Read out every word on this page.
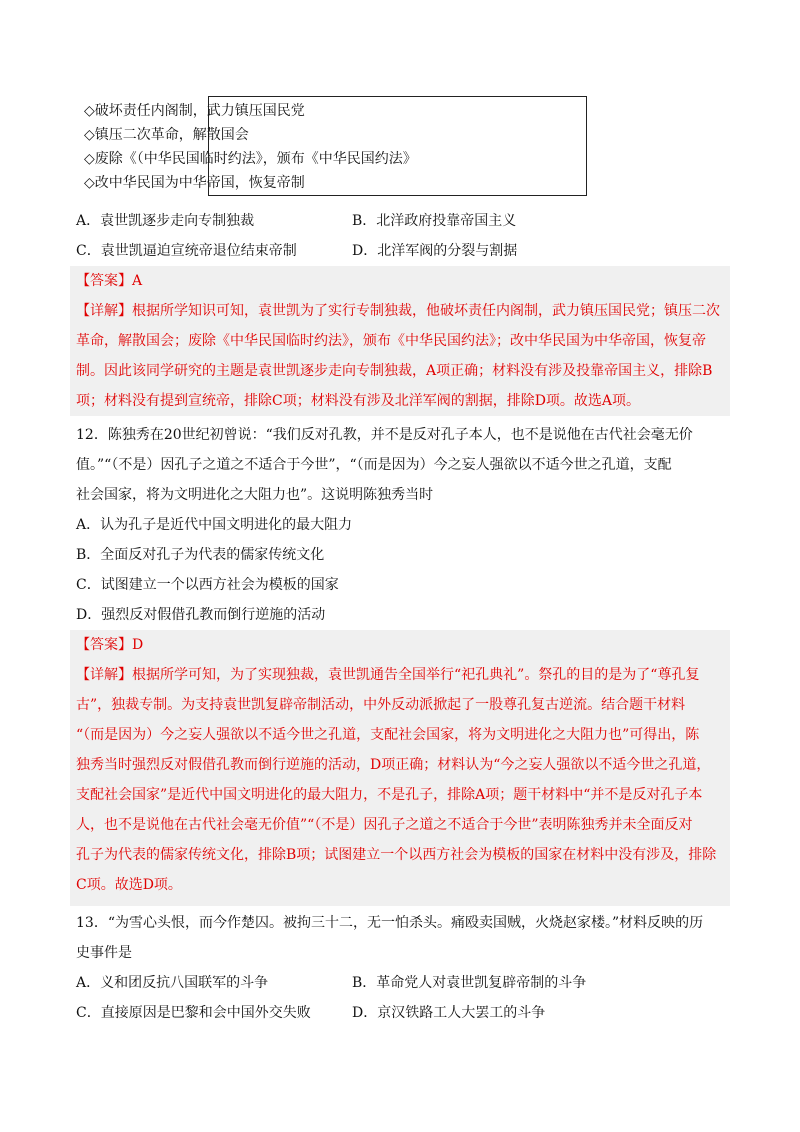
◇破坏责任内阁制，武力镇压国民党
◇镇压二次革命，解散国会
◇废除《（中华民国临时约法》，颁布《中华民国约法》
◇改中华民国为中华帝国，恢复帝制
A．袁世凯逐步走向专制独裁	B．北洋政府投靠帝国主义
C．袁世凯逼迫宣统帝退位结束帝制	D．北洋军阀的分裂与割据
【答案】A
【详解】根据所学知识可知，袁世凯为了实行专制独裁，他破坏责任内阁制，武力镇压国民党；镇压二次
革命，解散国会；废除《中华民国临时约法》，颁布《中华民国约法》；改中华民国为中华帝国，恢复帝
制。因此该同学研究的主题是袁世凯逐步走向专制独裁，A项正确；材料没有涉及投靠帝国主义，排除B
项；材料没有提到宣统帝，排除C项；材料没有涉及北洋军阀的割据，排除D项。故选A项。
12．陈独秀在20世纪初曾说：“我们反对孔教，并不是反对孔子本人，也不是说他在古代社会毫无价
值。”“（不是）因孔子之道之不适合于今世”，“（而是因为）今之妄人强欲以不适今世之孔道，支配
社会国家，将为文明进化之大阻力也”。这说明陈独秀当时
A．认为孔子是近代中国文明进化的最大阻力
B．全面反对孔子为代表的儒家传统文化
C．试图建立一个以西方社会为模板的国家
D．强烈反对假借孔教而倒行逆施的活动
【答案】D
【详解】根据所学可知，为了实现独裁，袁世凯通告全国举行“祀孔典礼”。祭孔的目的是为了“尊孔复
古”，独裁专制。为支持袁世凯复辟帝制活动，中外反动派掀起了一股尊孔复古逆流。结合题干材料
“（而是因为）今之妄人强欲以不适今世之孔道，支配社会国家，将为文明进化之大阻力也”可得出，陈
独秀当时强烈反对假借孔教而倒行逆施的活动，D项正确；材料认为“今之妄人强欲以不适今世之孔道，
支配社会国家”是近代中国文明进化的最大阻力，不是孔子，排除A项；题干材料中“并不是反对孔子本
人，也不是说他在古代社会毫无价值”“（不是）因孔子之道之不适合于今世”表明陈独秀并未全面反对
孔子为代表的儒家传统文化，排除B项；试图建立一个以西方社会为模板的国家在材料中没有涉及，排除
C项。故选D项。
13．“为雪心头恨，而今作楚囚。被拘三十二，无一怕杀头。痛殴卖国贼，火烧赵家楼。”材料反映的历
史事件是
A．义和团反抗八国联军的斗争	B．革命党人对袁世凯复辟帝制的斗争
C．直接原因是巴黎和会中国外交失败	D．京汉铁路工人大罢工的斗争
